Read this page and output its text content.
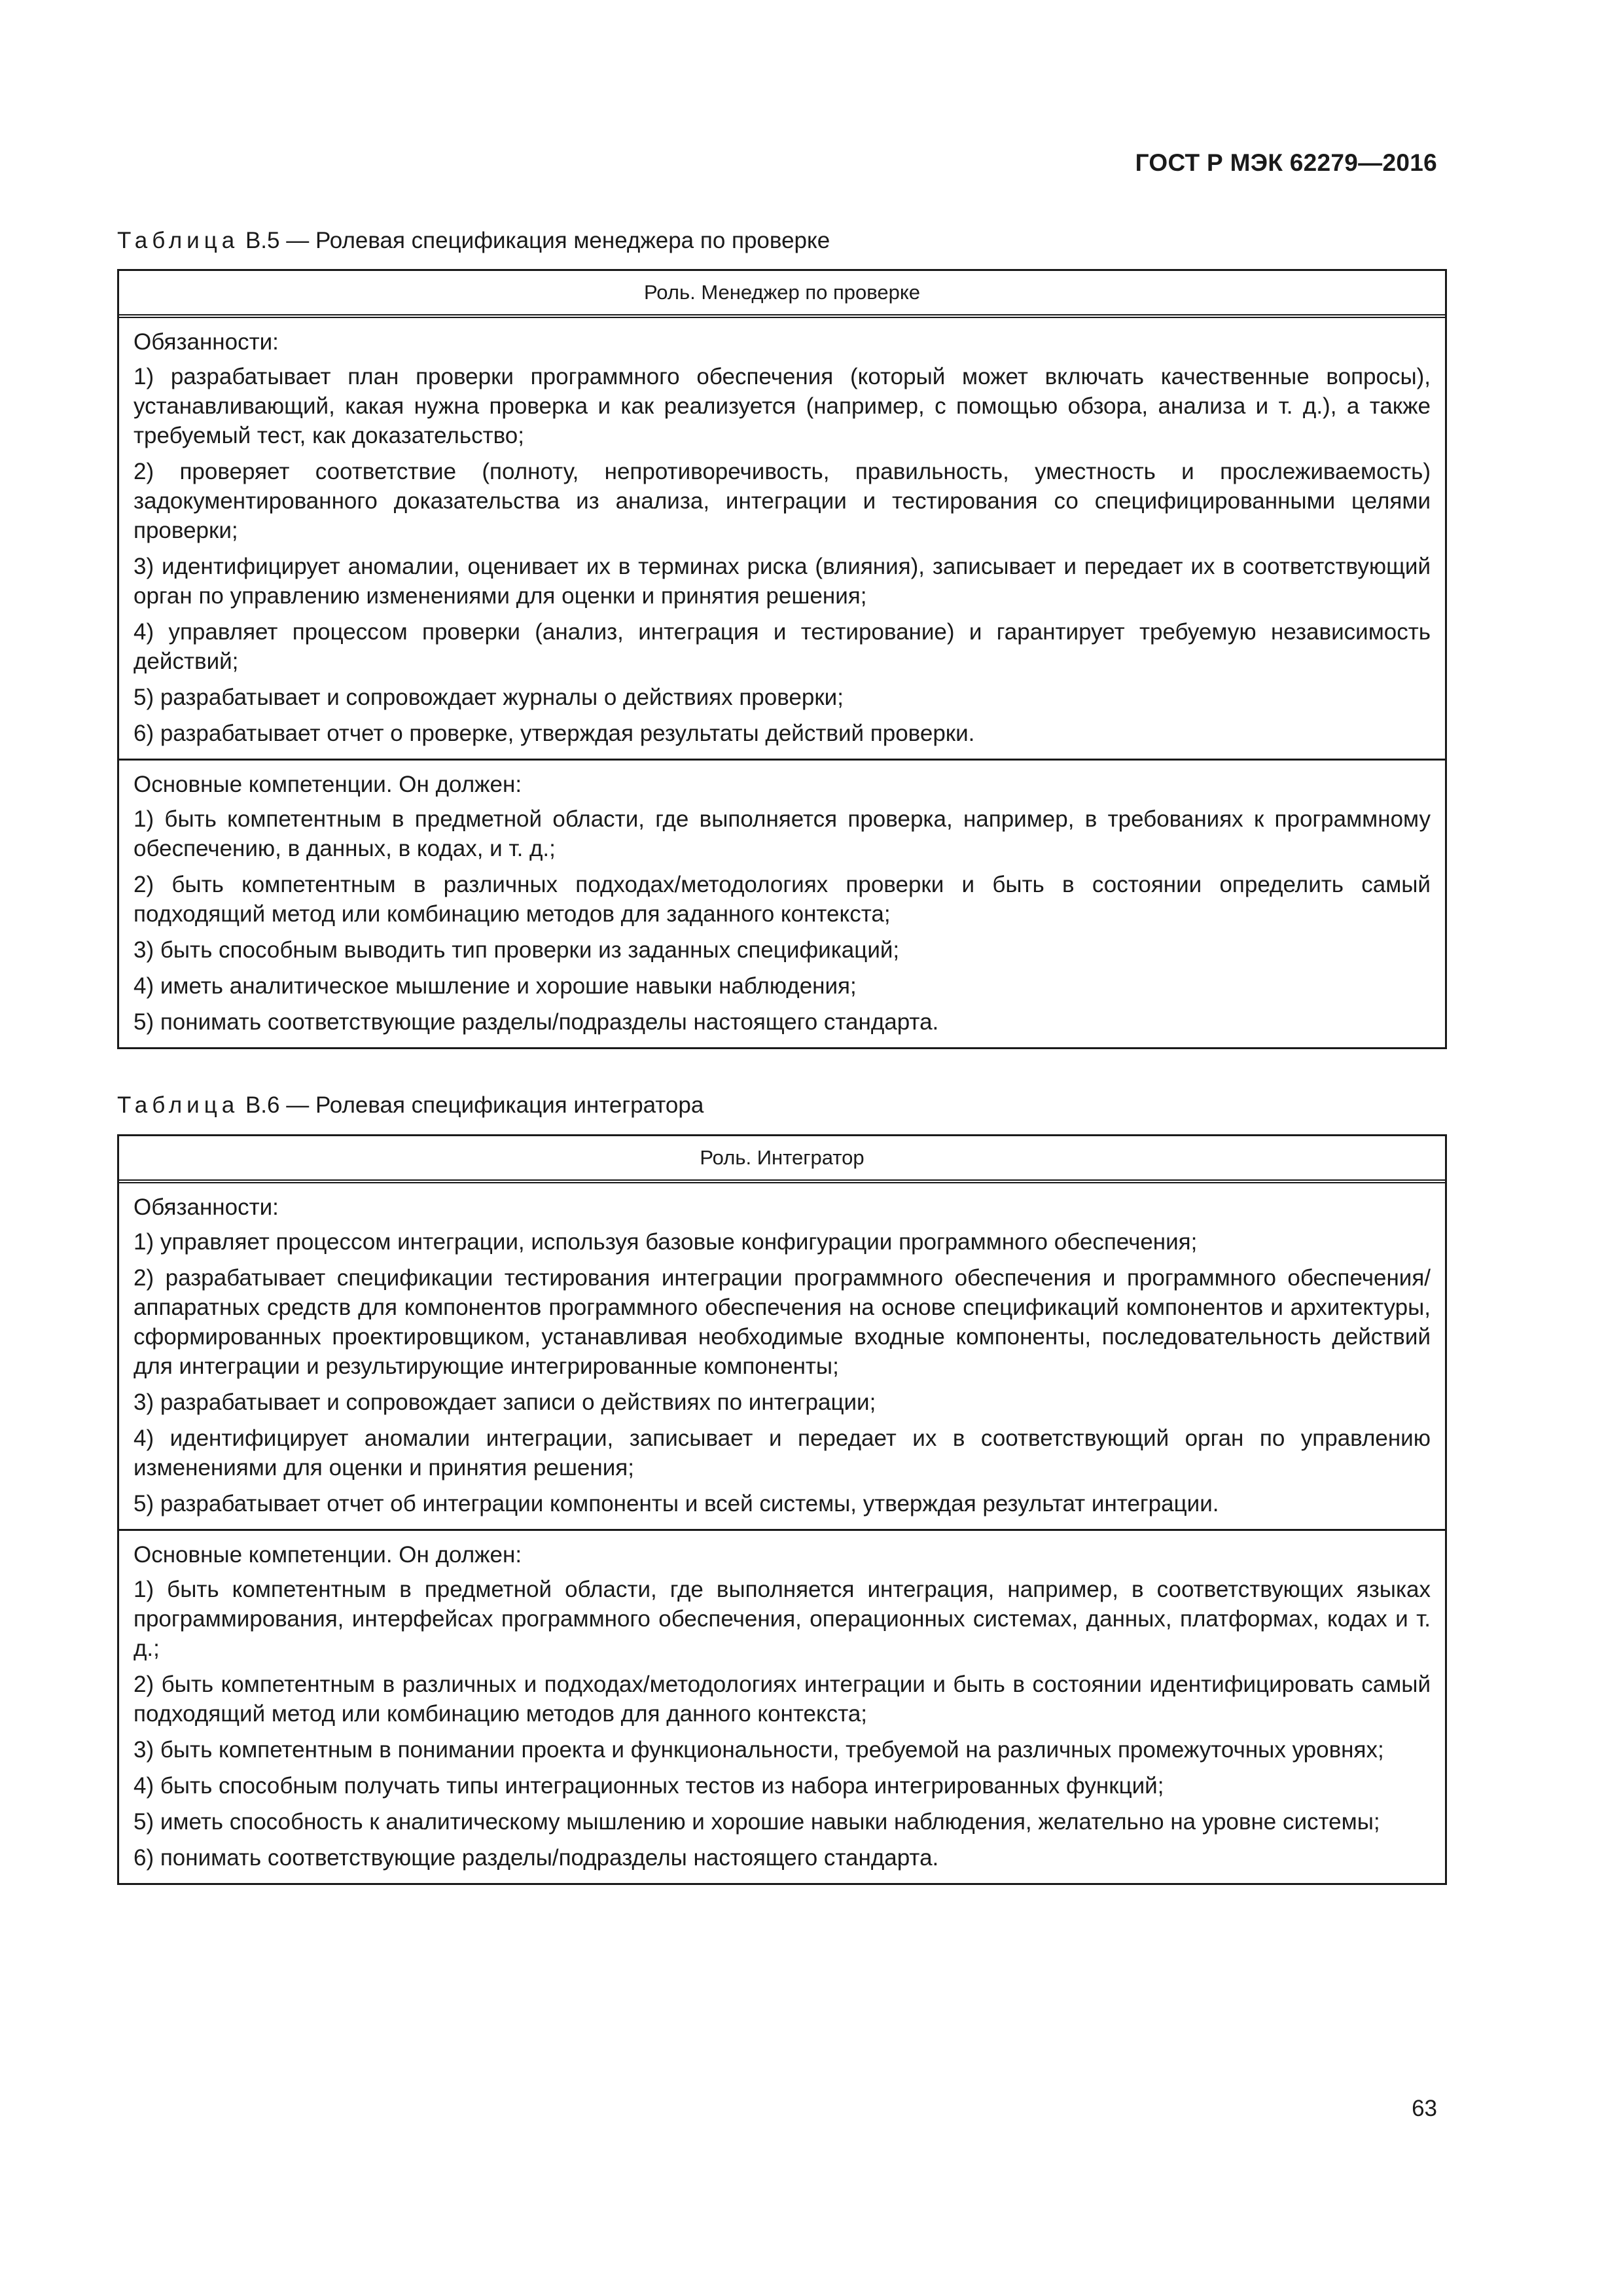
ГОСТ Р МЭК 62279—2016
Таблица В.5 — Ролевая спецификация менеджера по проверке
Роль. Менеджер по проверке

Обязанности:

1) разрабатывает план проверки программного обеспечения (который может включать качественные вопросы), устанавливающий, какая нужна проверка и как реализуется (например, с помощью обзора, анализа и т. д.), а также требуемый тест, как доказательство;
2) проверяет соответствие (полноту, непротиворечивость, правильность, уместность и прослеживаемость) задокументированного доказательства из анализа, интеграции и тестирования со специфицированными целями проверки;
3) идентифицирует аномалии, оценивает их в терминах риска (влияния), записывает и передает их в соответствующий орган по управлению изменениями для оценки и принятия решения;
4) управляет процессом проверки (анализ, интеграция и тестирование) и гарантирует требуемую независимость действий;
5) разрабатывает и сопровождает журналы о действиях проверки;
6) разрабатывает отчет о проверке, утверждая результаты действий проверки.

Основные компетенции. Он должен:

1) быть компетентным в предметной области, где выполняется проверка, например, в требованиях к программному обеспечению, в данных, в кодах, и т. д.;
2) быть компетентным в различных подходах/методологиях проверки и быть в состоянии определить самый подходящий метод или комбинацию методов для заданного контекста;
3) быть способным выводить тип проверки из заданных спецификаций;
4) иметь аналитическое мышление и хорошие навыки наблюдения;
5) понимать соответствующие разделы/подразделы настоящего стандарта.
Таблица В.6 — Ролевая спецификация интегратора
Роль. Интегратор

Обязанности:

1) управляет процессом интеграции, используя базовые конфигурации программного обеспечения;
2) разрабатывает спецификации тестирования интеграции программного обеспечения и программного обеспечения/аппаратных средств для компонентов программного обеспечения на основе спецификаций компонентов и архитектуры, сформированных проектировщиком, устанавливая необходимые входные компоненты, последовательность действий для интеграции и результирующие интегрированные компоненты;
3) разрабатывает и сопровождает записи о действиях по интеграции;
4) идентифицирует аномалии интеграции, записывает и передает их в соответствующий орган по управлению изменениями для оценки и принятия решения;
5) разрабатывает отчет об интеграции компоненты и всей системы, утверждая результат интеграции.

Основные компетенции. Он должен:

1) быть компетентным в предметной области, где выполняется интеграция, например, в соответствующих языках программирования, интерфейсах программного обеспечения, операционных системах, данных, платформах, кодах и т. д.;
2) быть компетентным в различных и подходах/методологиях интеграции и быть в состоянии идентифицировать самый подходящий метод или комбинацию методов для данного контекста;
3) быть компетентным в понимании проекта и функциональности, требуемой на различных промежуточных уровнях;
4) быть способным получать типы интеграционных тестов из набора интегрированных функций;
5) иметь способность к аналитическому мышлению и хорошие навыки наблюдения, желательно на уровне системы;
6) понимать соответствующие разделы/подразделы настоящего стандарта.
63
